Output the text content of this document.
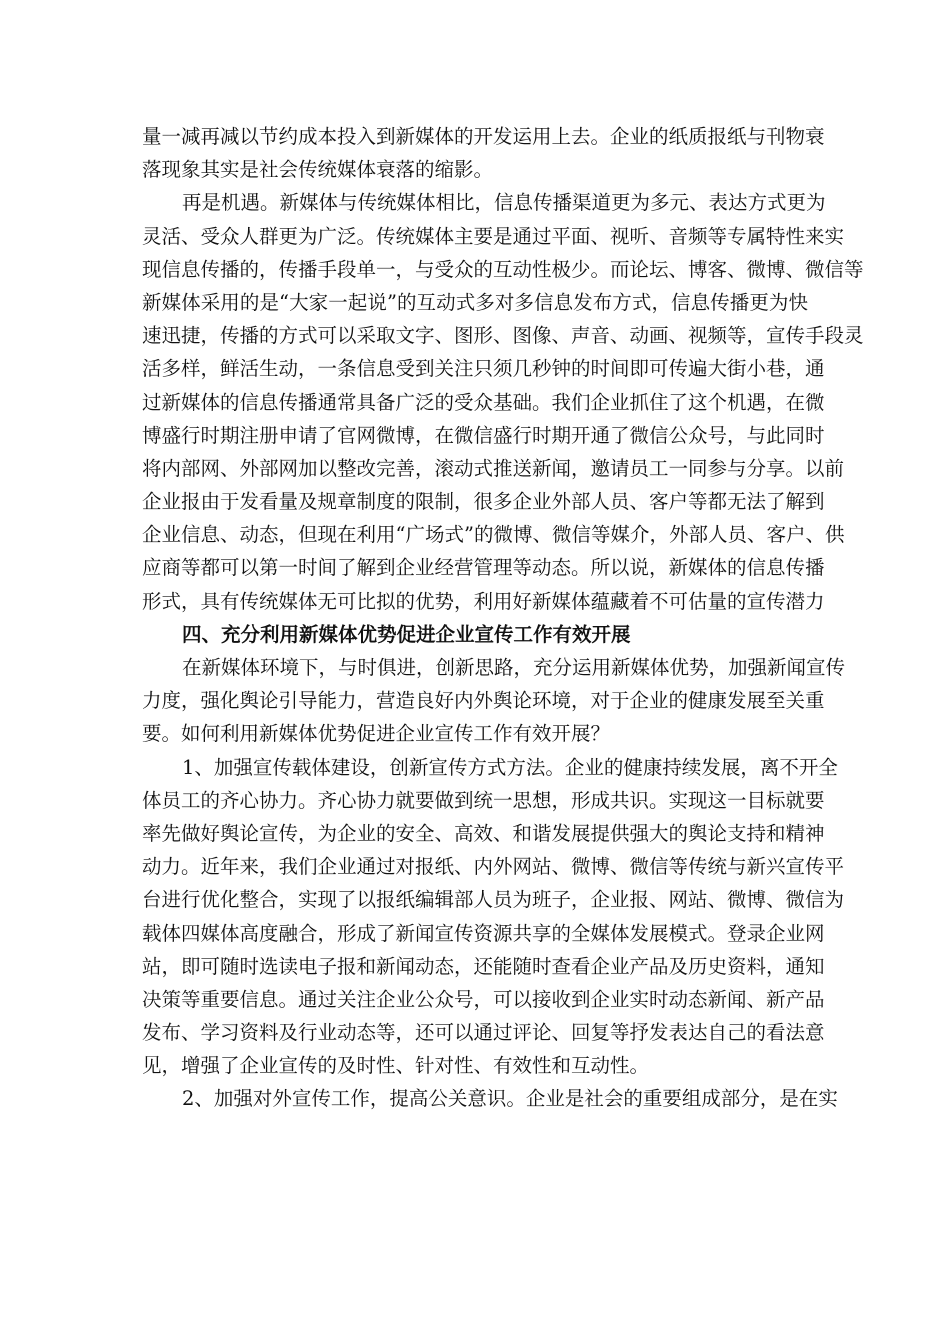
量一减再减以节约成本投入到新媒体的开发运用上去。企业的纸质报纸与刊物衰
落现象其实是社会传统媒体衰落的缩影。
再是机遇。新媒体与传统媒体相比，信息传播渠道更为多元、表达方式更为
灵活、受众人群更为广泛。传统媒体主要是通过平面、视听、音频等专属特性来实
现信息传播的，传播手段单一，与受众的互动性极少。而论坛、博客、微博、微信等
新媒体采用的是“大家一起说”的互动式多对多信息发布方式，信息传播更为快
速迅捷，传播的方式可以采取文字、图形、图像、声音、动画、视频等，宣传手段灵
活多样，鲜活生动，一条信息受到关注只须几秒钟的时间即可传遍大街小巷，通
过新媒体的信息传播通常具备广泛的受众基础。我们企业抓住了这个机遇，在微
博盛行时期注册申请了官网微博，在微信盛行时期开通了微信公众号，与此同时
将内部网、外部网加以整改完善，滚动式推送新闻，邀请员工一同参与分享。以前
企业报由于发看量及规章制度的限制，很多企业外部人员、客户等都无法了解到
企业信息、动态，但现在利用“广场式”的微博、微信等媒介，外部人员、客户、供
应商等都可以第一时间了解到企业经营管理等动态。所以说，新媒体的信息传播
形式，具有传统媒体无可比拟的优势，利用好新媒体蕴藏着不可估量的宣传潜力
四、充分利用新媒体优势促进企业宣传工作有效开展
在新媒体环境下，与时俱进，创新思路，充分运用新媒体优势，加强新闻宣传
力度，强化舆论引导能力，营造良好内外舆论环境，对于企业的健康发展至关重
要。如何利用新媒体优势促进企业宣传工作有效开展？
1、加强宣传载体建设，创新宣传方式方法。企业的健康持续发展，离不开全
体员工的齐心协力。齐心协力就要做到统一思想，形成共识。实现这一目标就要
率先做好舆论宣传，为企业的安全、高效、和谐发展提供强大的舆论支持和精神
动力。近年来，我们企业通过对报纸、内外网站、微博、微信等传统与新兴宣传平
台进行优化整合，实现了以报纸编辑部人员为班子，企业报、网站、微博、微信为
载体四媒体高度融合，形成了新闻宣传资源共享的全媒体发展模式。登录企业网
站，即可随时选读电子报和新闻动态，还能随时查看企业产品及历史资料，通知
决策等重要信息。通过关注企业公众号，可以接收到企业实时动态新闻、新产品
发布、学习资料及行业动态等，还可以通过评论、回复等抒发表达自己的看法意
见，增强了企业宣传的及时性、针对性、有效性和互动性。
2、加强对外宣传工作，提高公关意识。企业是社会的重要组成部分，是在实
